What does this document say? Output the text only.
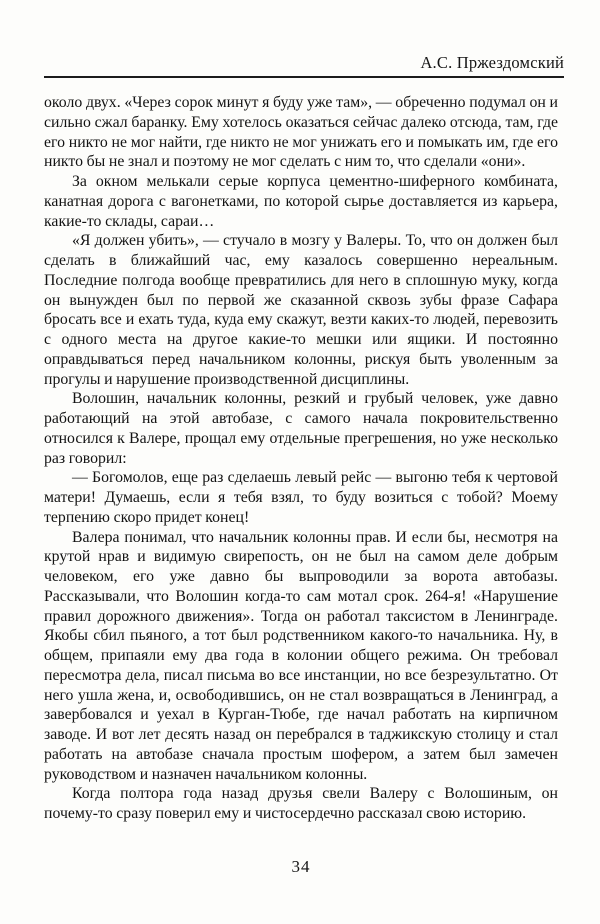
А.С. Пржездомский

около двух. «Через сорок минут я буду уже там», — обреченно подумал он и сильно сжал баранку. Ему хотелось оказаться сейчас далеко отсюда, там, где его никто не мог найти, где никто не мог унижать его и помыкать им, где его никто бы не знал и поэтому не мог сделать с ним то, что сделали «они».

За окном мелькали серые корпуса цементно-шиферного комбината, канатная дорога с вагонетками, по которой сырье доставляется из карьера, какие-то склады, сараи…

«Я должен убить», — стучало в мозгу у Валеры. То, что он должен был сделать в ближайший час, ему казалось совершенно нереальным. Последние полгода вообще превратились для него в сплошную муку, когда он вынужден был по первой же сказанной сквозь зубы фразе Сафара бросать все и ехать туда, куда ему скажут, везти каких-то людей, перевозить с одного места на другое какие-то мешки или ящики. И постоянно оправдываться перед начальником колонны, рискуя быть уволенным за прогулы и нарушение производственной дисциплины.

Волошин, начальник колонны, резкий и грубый человек, уже давно работающий на этой автобазе, с самого начала покровительственно относился к Валере, прощал ему отдельные прегрешения, но уже несколько раз говорил:

— Богомолов, еще раз сделаешь левый рейс — выгоню тебя к чертовой матери! Думаешь, если я тебя взял, то буду возиться с тобой? Моему терпению скоро придет конец!

Валера понимал, что начальник колонны прав. И если бы, несмотря на крутой нрав и видимую свирепость, он не был на самом деле добрым человеком, его уже давно бы выпроводили за ворота автобазы. Рассказывали, что Волошин когда-то сам мотал срок. 264-я! «Нарушение правил дорожного движения». Тогда он работал таксистом в Ленинграде. Якобы сбил пьяного, а тот был родственником какого-то начальника. Ну, в общем, припаяли ему два года в колонии общего режима. Он требовал пересмотра дела, писал письма во все инстанции, но все безрезультатно. От него ушла жена, и, освободившись, он не стал возвращаться в Ленинград, а завербовался и уехал в Курган-Тюбе, где начал работать на кирпичном заводе. И вот лет десять назад он перебрался в таджикскую столицу и стал работать на автобазе сначала простым шофером, а затем был замечен руководством и назначен начальником колонны.

Когда полтора года назад друзья свели Валеру с Волошиным, он почему-то сразу поверил ему и чистосердечно рассказал свою историю.

34
